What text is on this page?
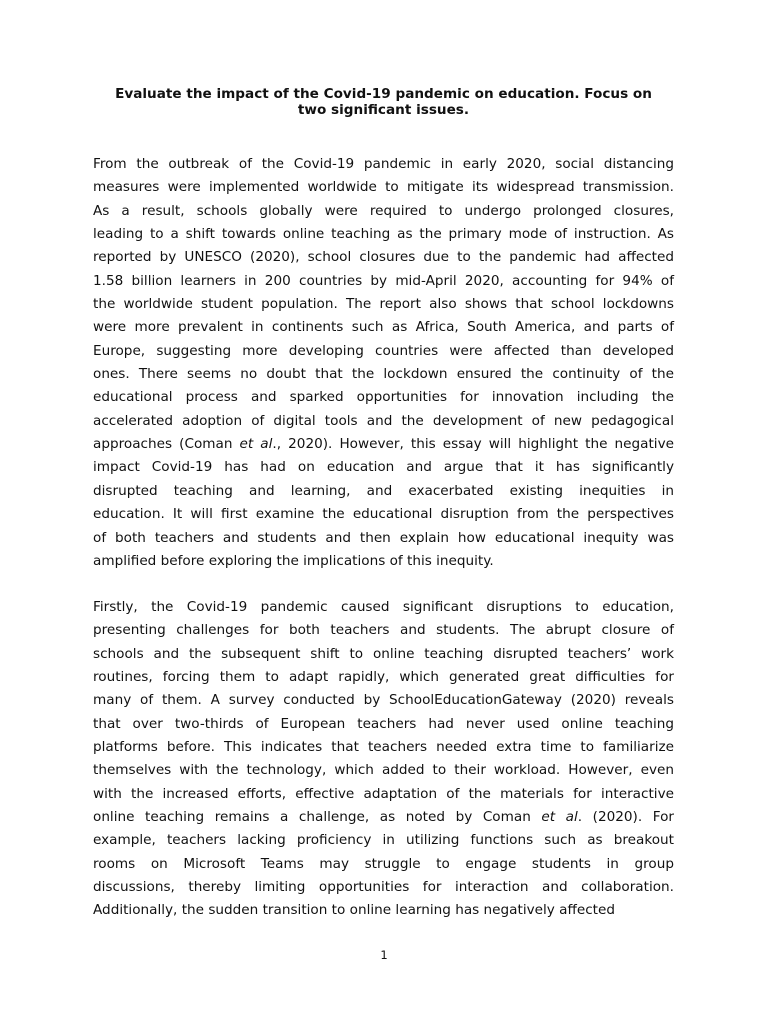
Evaluate the impact of the Covid-19 pandemic on education. Focus on
two significant issues.
From the outbreak of the Covid-19 pandemic in early 2020, social distancing
measures were implemented worldwide to mitigate its widespread transmission.
As a result, schools globally were required to undergo prolonged closures,
leading to a shift towards online teaching as the primary mode of instruction. As
reported by UNESCO (2020), school closures due to the pandemic had affected
1.58 billion learners in 200 countries by mid-April 2020, accounting for 94% of
the worldwide student population. The report also shows that school lockdowns
were more prevalent in continents such as Africa, South America, and parts of
Europe, suggesting more developing countries were affected than developed
ones. There seems no doubt that the lockdown ensured the continuity of the
educational process and sparked opportunities for innovation including the
accelerated adoption of digital tools and the development of new pedagogical
approaches (Coman et al., 2020). However, this essay will highlight the negative
impact Covid-19 has had on education and argue that it has significantly
disrupted teaching and learning, and exacerbated existing inequities in
education. It will first examine the educational disruption from the perspectives
of both teachers and students and then explain how educational inequity was
amplified before exploring the implications of this inequity.
Firstly, the Covid-19 pandemic caused significant disruptions to education,
presenting challenges for both teachers and students. The abrupt closure of
schools and the subsequent shift to online teaching disrupted teachers’ work
routines, forcing them to adapt rapidly, which generated great difficulties for
many of them. A survey conducted by SchoolEducationGateway (2020) reveals
that over two-thirds of European teachers had never used online teaching
platforms before. This indicates that teachers needed extra time to familiarize
themselves with the technology, which added to their workload. However, even
with the increased efforts, effective adaptation of the materials for interactive
online teaching remains a challenge, as noted by Coman et al. (2020). For
example, teachers lacking proficiency in utilizing functions such as breakout
rooms on Microsoft Teams may struggle to engage students in group
discussions, thereby limiting opportunities for interaction and collaboration.
Additionally, the sudden transition to online learning has negatively affected
1
